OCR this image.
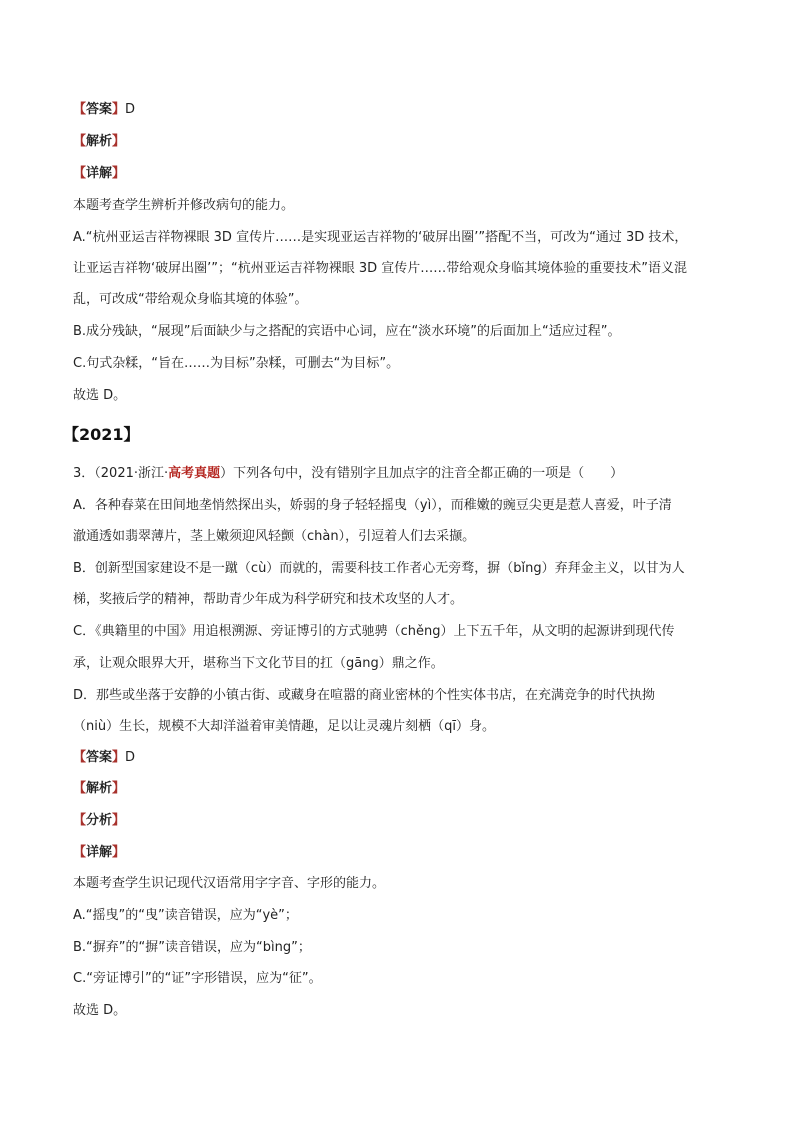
【答案】D
【解析】
【详解】
本题考查学生辨析并修改病句的能力。
A.“杭州亚运吉祥物裸眼 3D 宣传片……是实现亚运吉祥物的‘破屏出圈’”搭配不当，可改为“通过 3D 技术，
让亚运吉祥物‘破屏出圈’”；“杭州亚运吉祥物裸眼 3D 宣传片……带给观众身临其境体验的重要技术”语义混
乱，可改成“带给观众身临其境的体验”。
B.成分残缺，“展现”后面缺少与之搭配的宾语中心词，应在“淡水环境”的后面加上“适应过程”。
C.句式杂糅，“旨在……为目标”杂糅，可删去“为目标”。
故选 D。
【2021】
3．（2021·浙江·高考真题）下列各句中，没有错别字且加点字的注音全都正确的一项是（　　）
A．各种春菜在田间地垄悄然探出头，娇弱的身子轻轻摇曳（yì），而稚嫩的豌豆尖更是惹人喜爱，叶子清
澈通透如翡翠薄片，茎上嫩须迎风轻颤（chàn），引逗着人们去采撷。
B．创新型国家建设不是一蹴（cù）而就的，需要科技工作者心无旁骛，摒（bǐng）弃拜金主义，以甘为人
梯，奖掖后学的精神，帮助青少年成为科学研究和技术攻坚的人才。
C．《典籍里的中国》用追根溯源、旁证博引的方式驰骋（chěng）上下五千年，从文明的起源讲到现代传
承，让观众眼界大开，堪称当下文化节目的扛（gāng）鼎之作。
D．那些或坐落于安静的小镇古街、或藏身在喧嚣的商业密林的个性实体书店，在充满竞争的时代执拗
（niù）生长，规模不大却洋溢着审美情趣，足以让灵魂片刻栖（qī）身。
【答案】D
【解析】
【分析】
【详解】
本题考查学生识记现代汉语常用字字音、字形的能力。
A.“摇曳”的“曳”读音错误，应为“yè”；
B.“摒弃”的“摒”读音错误，应为“bìng”；
C.“旁证博引”的“证”字形错误，应为“征”。
故选 D。
